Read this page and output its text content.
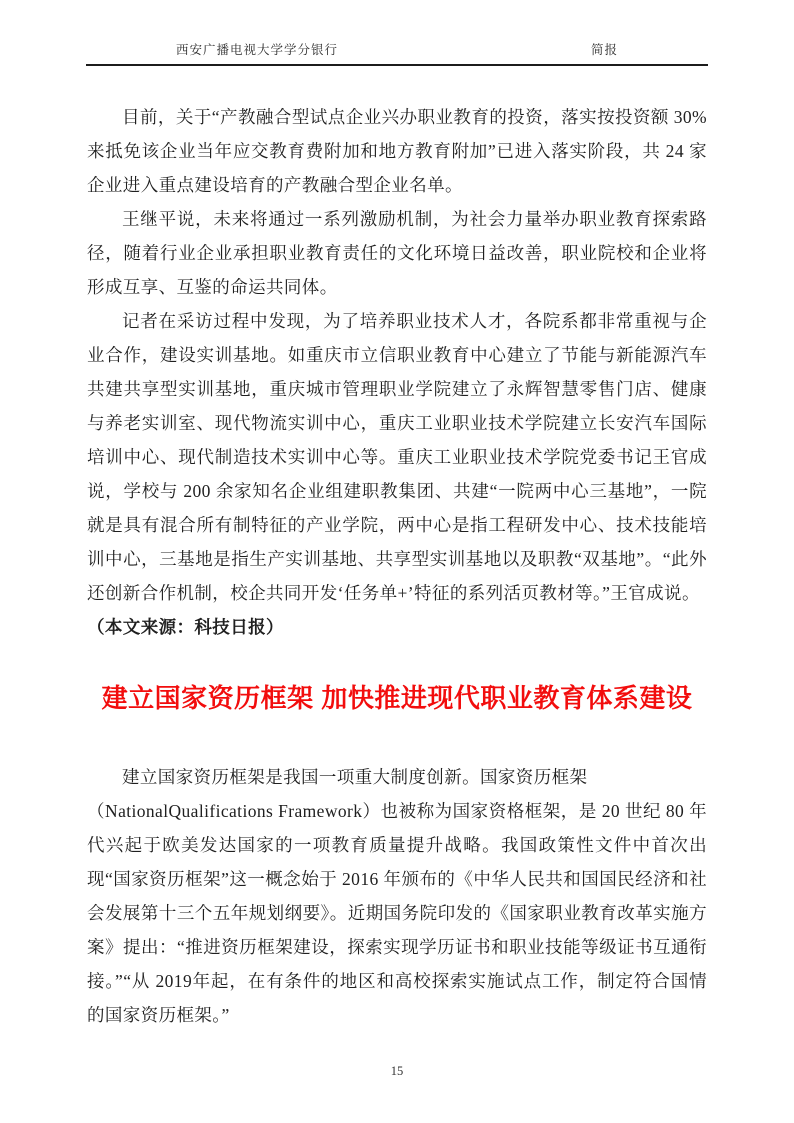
西安广播电视大学学分银行	简报

目前，关于“产教融合型试点企业兴办职业教育的投资，落实按投资额 30%来抵免该企业当年应交教育费附加和地方教育附加”已进入落实阶段，共 24 家企业进入重点建设培育的产教融合型企业名单。

王继平说，未来将通过一系列激励机制，为社会力量举办职业教育探索路径，随着行业企业承担职业教育责任的文化环境日益改善，职业院校和企业将形成互享、互鉴的命运共同体。

记者在采访过程中发现，为了培养职业技术人才，各院系都非常重视与企业合作，建设实训基地。如重庆市立信职业教育中心建立了节能与新能源汽车共建共享型实训基地，重庆城市管理职业学院建立了永辉智慧零售门店、健康与养老实训室、现代物流实训中心，重庆工业职业技术学院建立长安汽车国际培训中心、现代制造技术实训中心等。重庆工业职业技术学院党委书记王官成说，学校与 200 余家知名企业组建职教集团、共建“一院两中心三基地”，一院就是具有混合所有制特征的产业学院，两中心是指工程研发中心、技术技能培训中心，三基地是指生产实训基地、共享型实训基地以及职教“双基地”。“此外还创新合作机制，校企共同开发‘任务单+’特征的系列活页教材等。”王官成说。

（本文来源：科技日报）

建立国家资历框架 加快推进现代职业教育体系建设

建立国家资历框架是我国一项重大制度创新。国家资历框架

（NationalQualifications Framework）也被称为国家资格框架，是 20 世纪 80 年代兴起于欧美发达国家的一项教育质量提升战略。我国政策性文件中首次出现“国家资历框架”这一概念始于 2016 年颁布的《中华人民共和国国民经济和社会发展第十三个五年规划纲要》。近期国务院印发的《国家职业教育改革实施方案》提出：“推进资历框架建设，探索实现学历证书和职业技能等级证书互通衔接。”“从 2019年起，在有条件的地区和高校探索实施试点工作，制定符合国情的国家资历框架。”

15
